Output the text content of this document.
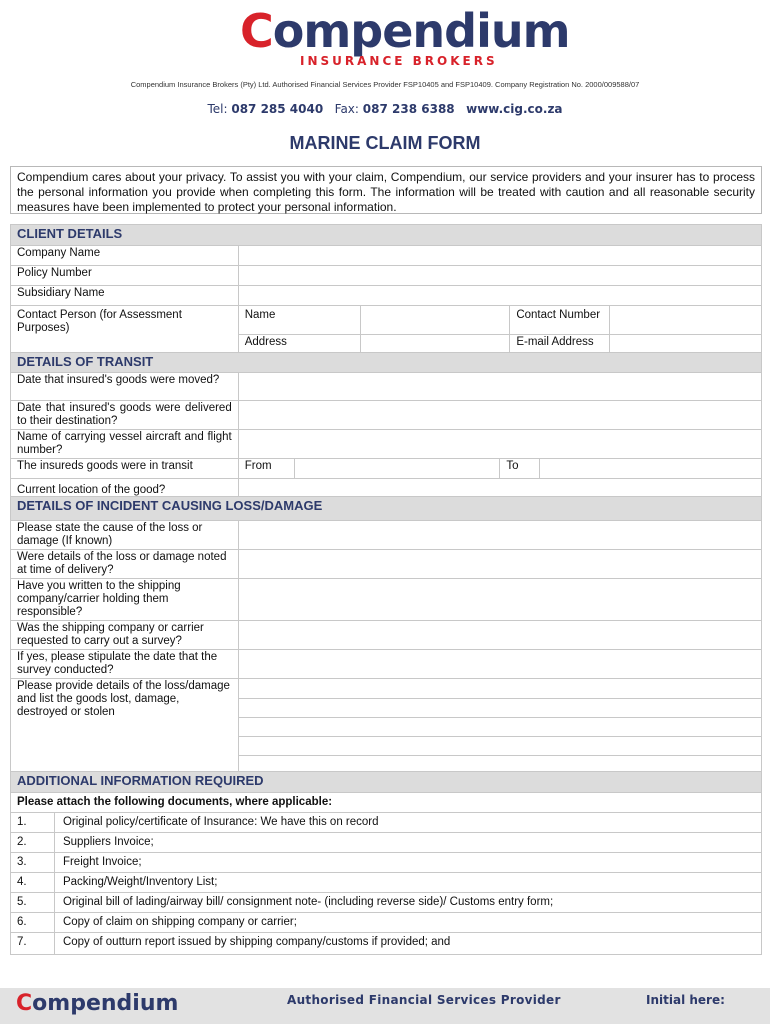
Compendium
INSURANCE BROKERS
Compendium Insurance Brokers (Pty) Ltd. Authorised Financial Services Provider FSP10405 and FSP10409. Company Registration No. 2000/009588/07
Tel: 087 285 4040 Fax: 087 238 6388 www.cig.co.za
MARINE CLAIM FORM
Compendium cares about your privacy. To assist you with your claim, Compendium, our service providers and your insurer has to process the personal information you provide when completing this form. The information will be treated with caution and all reasonable security measures have been implemented to protect your personal information.
CLIENT DETAILS				
Company Name				
Policy Number				
Subsidiary Name				
Contact Person (for Assessment Purposes)	Name		Contact Number	
	Address		E-mail Address	
DETAILS OF TRANSIT				
Date that insured's goods were moved?				
Date that insured's goods were delivered to their destination?				
Name of carrying vessel aircraft and flight number?				
The insureds goods were in transit	From		To	
Current location of the good?				
DETAILS OF INCIDENT CAUSING LOSS/DAMAGE	
Please state the cause of the loss or damage (If known)	
Were details of the loss or damage noted at time of delivery?	
Have you written to the shipping company/carrier holding them responsible?	
Was the shipping company or carrier requested to carry out a survey?	
If yes, please stipulate the date that the survey conducted?	
Please provide details of the loss/damage and list the goods lost, damage, destroyed or stolen	

ADDITIONAL INFORMATION REQUIRED	
Please attach the following documents, where applicable:	
1.	Original policy/certificate of Insurance: We have this on record
2.	Suppliers Invoice;
3.	Freight Invoice;
4.	Packing/Weight/Inventory List;
5.	Original bill of lading/airway bill/ consignment note- (including reverse side)/ Customs entry form;
6.	Copy of claim on shipping company or carrier;
7.	Copy of outturn report issued by shipping company/customs if provided; and
Compendium	Authorised Financial Services Provider	Initial here:
